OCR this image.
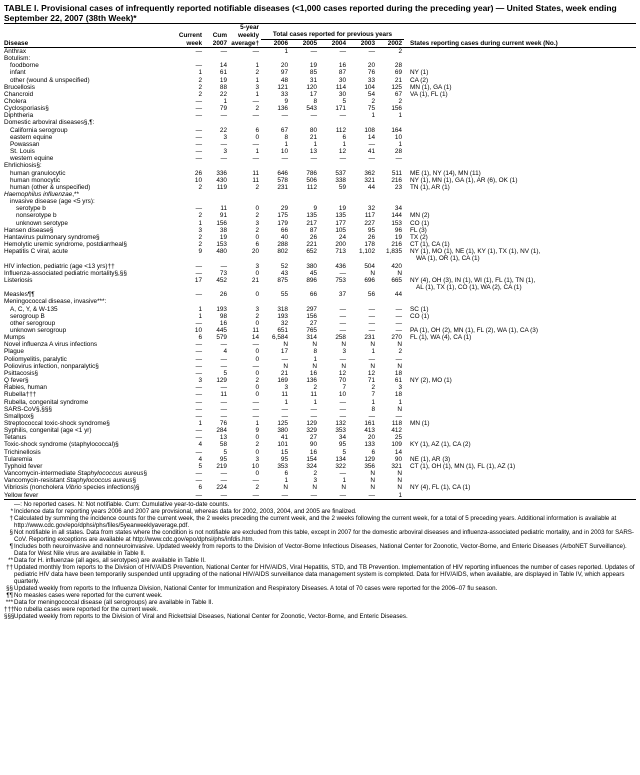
TABLE I. Provisional cases of infrequently reported notifiable diseases (<1,000 cases reported during the preceding year) — United States, week ending September 22, 2007 (38th Week)*
			5-year						
	Current	Cum	weekly	Total cases reported for previous years					
Disease	week	2007	average†	2006	2005	2004	2003	2002	States reporting cases during current week (No.)
Anthrax	—	—	—	1	—	—	—	2	

Botulism:									

foodborne	—	14	1	20	19	16	20	28	

infant	1	61	2	97	85	87	76	69	NY (1)

other (wound & unspecified)	2	19	1	48	31	30	33	21	CA (2)

Brucellosis	2	88	3	121	120	114	104	125	MN (1), GA (1)

Chancroid	2	22	1	33	17	30	54	67	VA (1), FL (1)

Cholera	—	1	—	9	8	5	2	2	

Cyclosporiasis§	—	79	2	136	543	171	75	156	

Diphtheria	—	—	—	—	—	—	1	1	

Domestic arboviral diseases§,¶:									

California serogroup	—	22	6	67	80	112	108	164	

eastern equine	—	3	0	8	21	6	14	10	

Powassan	—	—	—	1	1	1	—	1	

St. Louis	—	3	1	10	13	12	41	28	

western equine	—	—	—	—	—	—	—	—	

Ehrlichiosis§:									

human granulocytic	26	336	11	646	786	537	362	511	ME (1), NY (14), MN (11)

human monocytic	10	430	11	578	506	338	321	216	NY (1), MN (1), GA (1), AR (6), OK (1)

human (other & unspecified)	2	119	2	231	112	59	44	23	TN (1), AR (1)

Haemophilus influenzae,**									

invasive disease (age <5 yrs):									

serotype b	—	11	0	29	9	19	32	34	

nonserotype b	2	91	2	175	135	135	117	144	MN (2)

unknown serotype	1	156	3	179	217	177	227	153	CO (1)

Hansen disease§	3	38	2	66	87	105	95	96	FL (3)

Hantavirus pulmonary syndrome§	2	19	0	40	26	24	26	19	TX (2)

Hemolytic uremic syndrome, postdiarrheal§	2	153	6	288	221	200	178	216	CT (1), CA (1)

Hepatitis C viral, acute	9	480	20	802	652	713	1,102	1,835	NY (1), MO (1), NE (1), KY (1), TX (1), NV (1),
WA (1), OR (1), CA (1)

HIV infection, pediatric (age <13 yrs)††	—	—	3	52	380	436	504	420	

Influenza-associated pediatric mortality§,§§	—	73	0	43	45	—	N	N	

Listeriosis	17	452	21	875	896	753	696	665	NY (4), OH (3), IN (1), WI (1), FL (1), TN (1),
AL (1), TX (1), CO (1), WA (2), CA (1)

Measles¶¶	—	26	0	55	66	37	56	44	

Meningococcal disease, invasive***:									

A, C, Y, & W-135	1	193	3	318	297	—	—	—	SC (1)

serogroup B	1	98	2	193	156	—	—	—	CO (1)

other serogroup	—	16	0	32	27	—	—	—	

unknown serogroup	10	445	11	651	765	—	—	—	PA (1), OH (2), MN (1), FL (2), WA (1), CA (3)

Mumps	6	579	14	6,584	314	258	231	270	FL (1), WA (4), CA (1)

Novel influenza A virus infections	—	—	—	N	N	N	N	N	

Plague	—	4	0	17	8	3	1	2	

Poliomyelitis, paralytic	—	—	0	—	1	—	—	—	

Poliovirus infection, nonparalytic§	—	—	—	N	N	N	N	N	

Psittacosis§	—	5	0	21	16	12	12	18	

Q fever§	3	129	2	169	136	70	71	61	NY (2), MO (1)

Rabies, human	—	—	0	3	2	7	2	3	

Rubella†††	—	11	0	11	11	10	7	18	

Rubella, congenital syndrome	—	—	—	1	1	—	1	1	

SARS-CoV§,§§§	—	—	—	—	—	—	8	N	

Smallpox§	—	—	—	—	—	—	—	—	

Streptococcal toxic-shock syndrome§	1	76	1	125	129	132	161	118	MN (1)

Syphilis, congenital (age <1 yr)	—	284	9	380	329	353	413	412	

Tetanus	—	13	0	41	27	34	20	25	

Toxic-shock syndrome (staphylococcal)§	4	58	2	101	90	95	133	109	KY (1), AZ (1), CA (2)

Trichinellosis	—	5	0	15	16	5	6	14	

Tularemia	4	95	3	95	154	134	129	90	NE (1), AR (3)

Typhoid fever	5	219	10	353	324	322	356	321	CT (1), OH (1), MN (1), FL (1), AZ (1)

Vancomycin-intermediate Staphylococcus aureus§	—	—	0	6	2	—	N	N	

Vancomycin-resistant Staphylococcus aureus§	—	—	—	1	3	1	N	N	

Vibriosis (noncholera Vibrio species infections)§	6	224	2	N	N	N	N	N	NY (4), FL (1), CA (1)

Yellow fever	—	—	—	—	—	—	—	1	
—: No reported cases. N: Not notifiable. Cum: Cumulative year-to-date counts.
* Incidence data for reporting years 2006 and 2007 are provisional, whereas data for 2002, 2003, 2004, and 2005 are finalized.
† Calculated by summing the incidence counts for the current week, the 2 weeks preceding the current week, and the 2 weeks following the current week, for a total of 5 preceding years. Additional information is available at http://www.cdc.gov/epo/dphsi/phs/files/5yearweeklyaverage.pdf.
§ Not notifiable in all states. Data from states where the condition is not notifiable are excluded from this table, except in 2007 for the domestic arboviral diseases and influenza-associated pediatric mortality, and in 2003 for SARS-CoV. Reporting exceptions are available at http://www.cdc.gov/epo/dphsi/phs/infdis.htm.
¶ Includes both neuroinvasive and nonneuroinvasive. Updated weekly from reports to the Division of Vector-Borne Infectious Diseases, National Center for Zoonotic, Vector-Borne, and Enteric Diseases (ArboNET Surveillance). Data for West Nile virus are available in Table II.
** Data for H. influenzae (all ages, all serotypes) are available in Table II.
†† Updated monthly from reports to the Division of HIV/AIDS Prevention, National Center for HIV/AIDS, Viral Hepatitis, STD, and TB Prevention. Implementation of HIV reporting influences the number of cases reported. Updates of pediatric HIV data have been temporarily suspended until upgrading of the national HIV/AIDS surveillance data management system is completed. Data for HIV/AIDS, when available, are displayed in Table IV, which appears quarterly.
§§ Updated weekly from reports to the Influenza Division, National Center for Immunization and Respiratory Diseases. A total of 70 cases were reported for the 2006–07 flu season.
¶¶ No measles cases were reported for the current week.
*** Data for meningococcal disease (all serogroups) are available in Table II.
††† No rubella cases were reported for the current week.
§§§ Updated weekly from reports to the Division of Viral and Rickettsial Diseases, National Center for Zoonotic, Vector-Borne, and Enteric Diseases.
